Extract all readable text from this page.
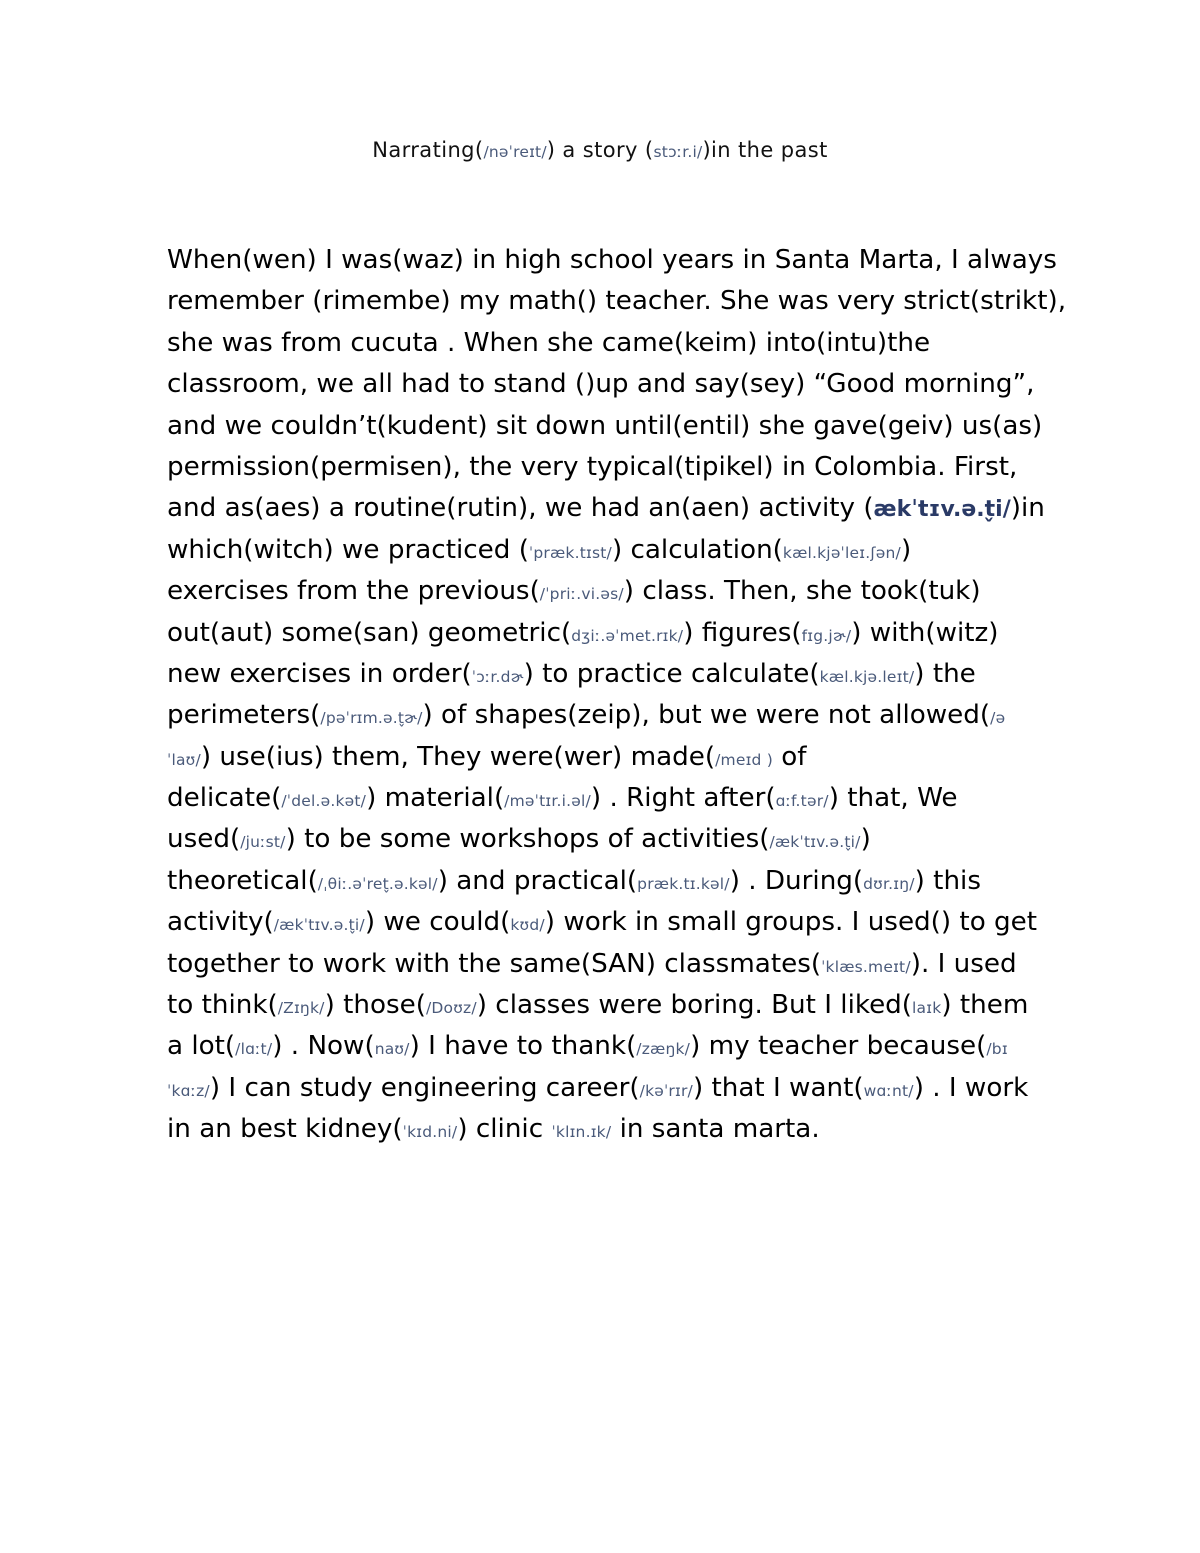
Narrating(/nəˈreɪt/) a story (stɔːr.i/)in the past
When(wen) I was(waz) in high school years in Santa Marta, I always
remember (rimembe) my math() teacher. She was very strict(strikt),
she was from cucuta . When she came(keim) into(intu)the
classroom, we all had to stand ()up and say(sey) “Good morning”,
and we couldn’t(kudent) sit down until(entil) she gave(geiv) us(as)
permission(permisen), the very typical(tipikel) in Colombia. First,
and as(aes) a routine(rutin), we had an(aen) activity (ækˈtɪv.ə.t̬i/)in
which(witch) we practiced (ˈpræk.tɪst/) calculation(kæl.kjəˈleɪ.ʃən/)
exercises from the previous(/ˈpriː.vi.əs/) class. Then, she took(tuk)
out(aut) some(san) geometric(dʒiː.əˈmet.rɪk/) figures(fɪg.jɚ/) with(witz)
new exercises in order(ˈɔːr.dɚ) to practice calculate(kæl.kjə.leɪt/) the
perimeters(/pəˈrɪm.ə.t̬ɚ/) of shapes(zeip), but we were not allowed(/ə
ˈlaʊ/) use(ius) them, They were(wer) made(/meɪd ) of
delicate(/ˈdel.ə.kət/) material(/məˈtɪr.i.əl/) . Right after(ɑːf.tər/) that, We
used(/juːst/) to be some workshops of activities(/ækˈtɪv.ə.t̬i/)
theoretical(/ˌθiː.əˈret̬.ə.kəl/) and practical(præk.tɪ.kəl/) . During(dʊr.ɪŋ/) this
activity(/ækˈtɪv.ə.t̬i/) we could(kʊd/) work in small groups. I used() to get
together to work with the same(SAN) classmates(ˈklæs.meɪt/). I used
to think(/Zɪŋk/) those(/Doʊz/) classes were boring. But I liked(laɪk) them
a lot(/lɑːt/) . Now(naʊ/) I have to thank(/zæŋk/) my teacher because(/bɪ
ˈkɑːz/) I can study engineering career(/kəˈrɪr/) that I want(wɑːnt/) . I work
in an best kidney(ˈkɪd.ni/) clinic ˈklɪn.ɪk/ in santa marta.
